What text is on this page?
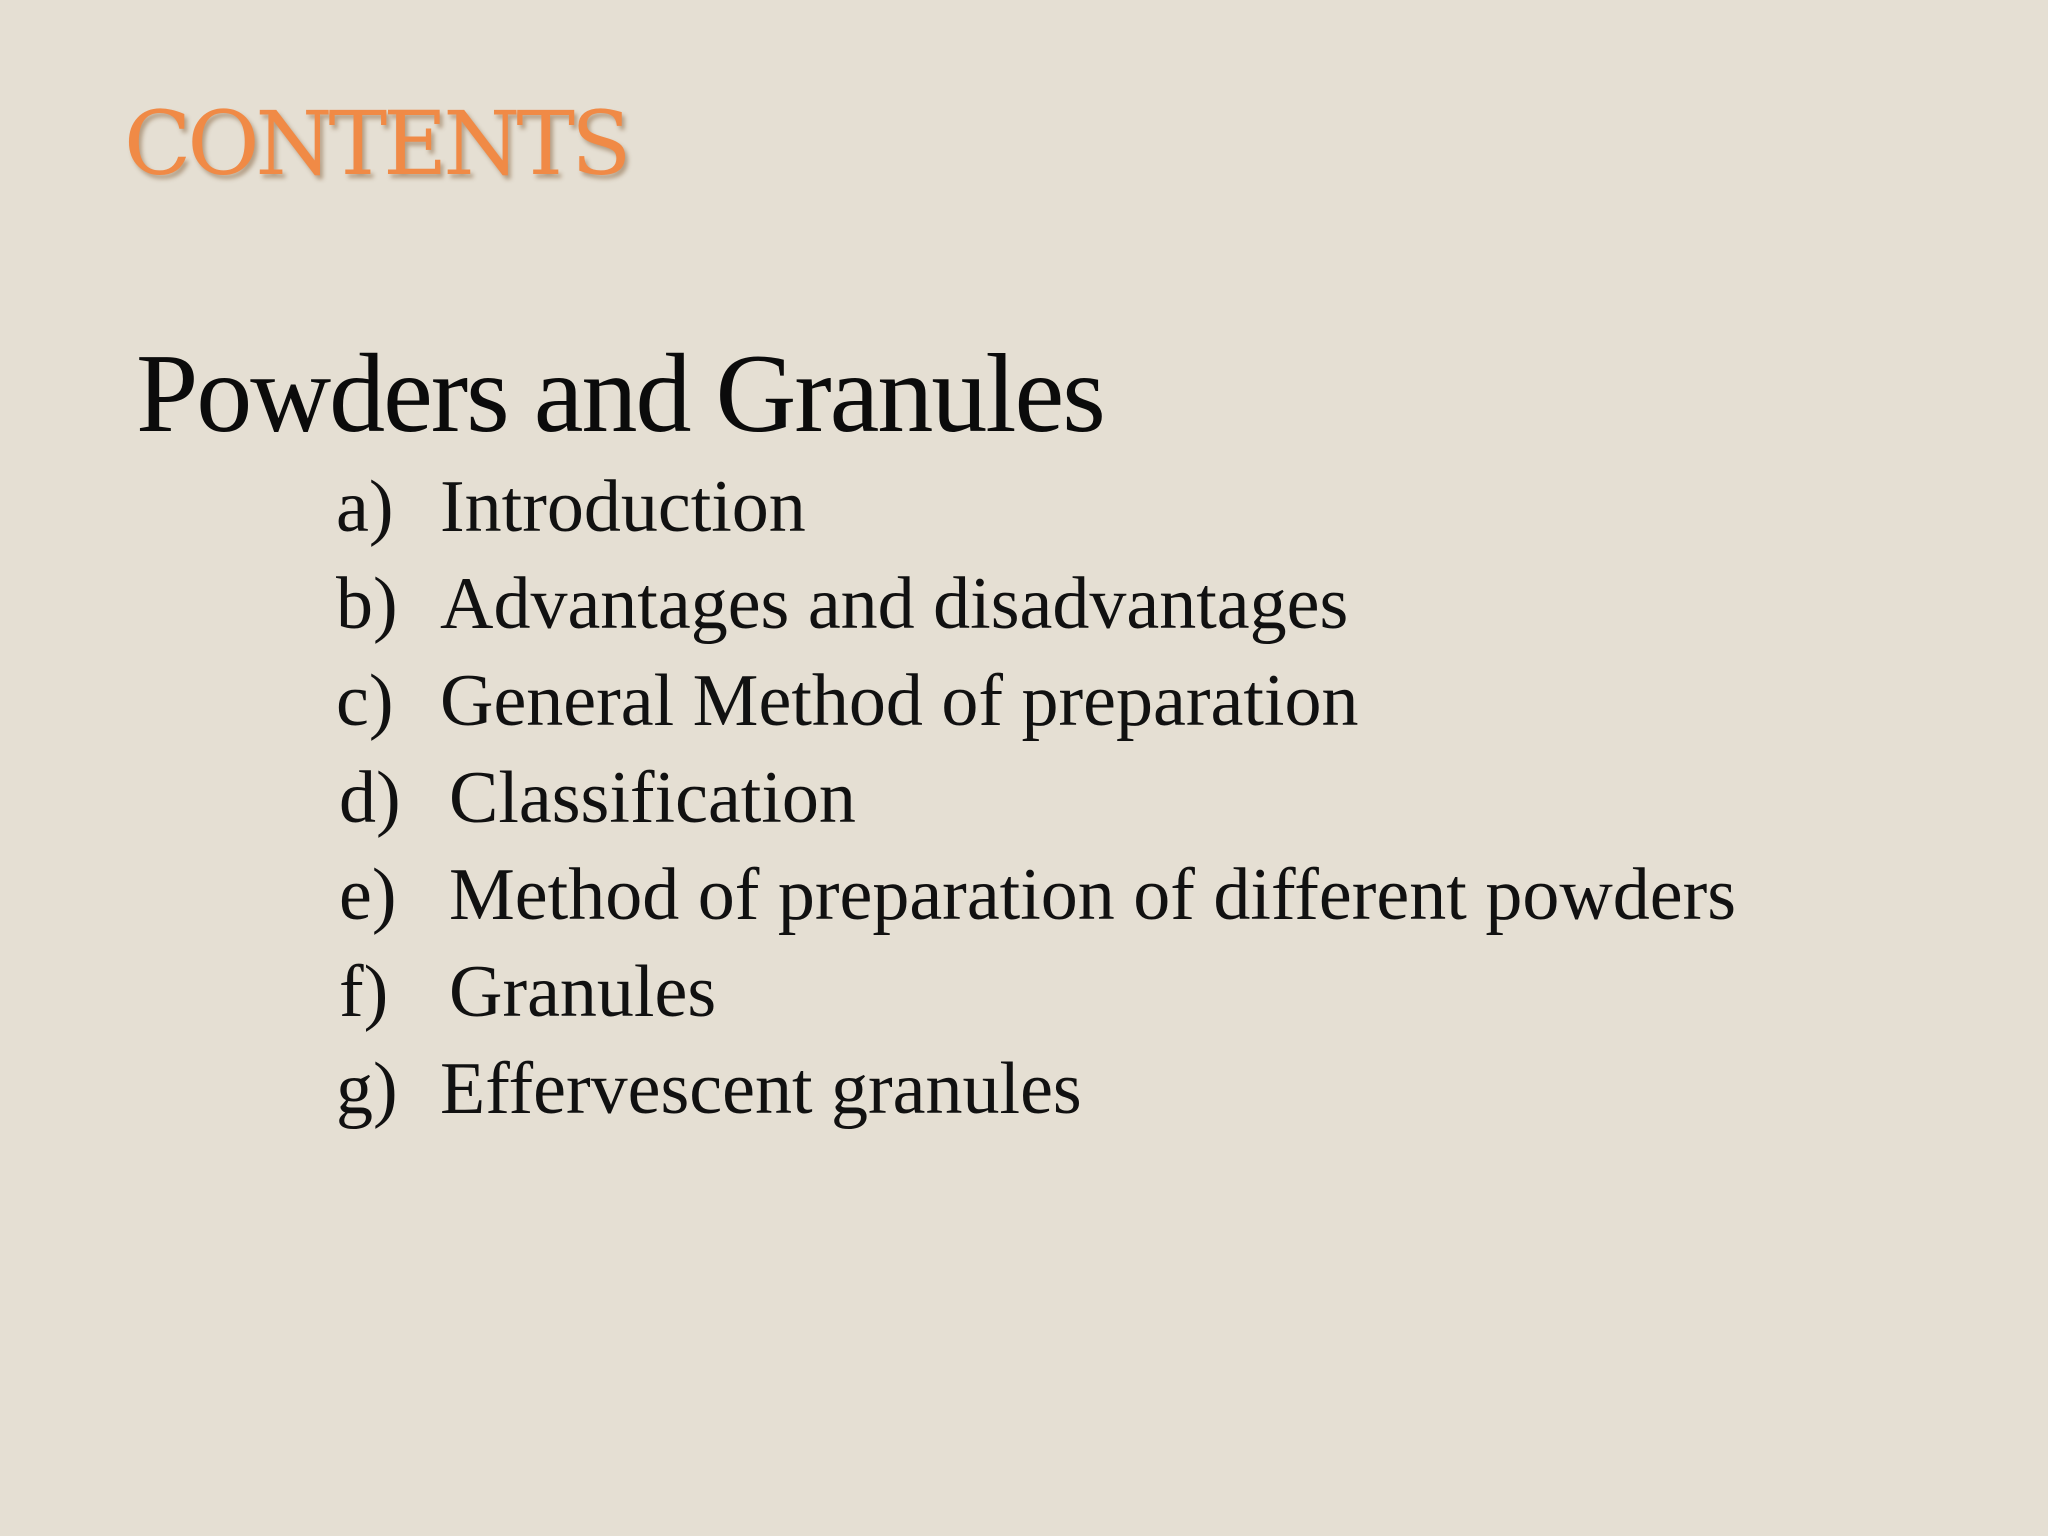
CONTENTS
Powders and Granules
a) Introduction
b) Advantages and disadvantages
c) General Method of preparation
d) Classification
e) Method of preparation of different powders
f) Granules
g) Effervescent granules
